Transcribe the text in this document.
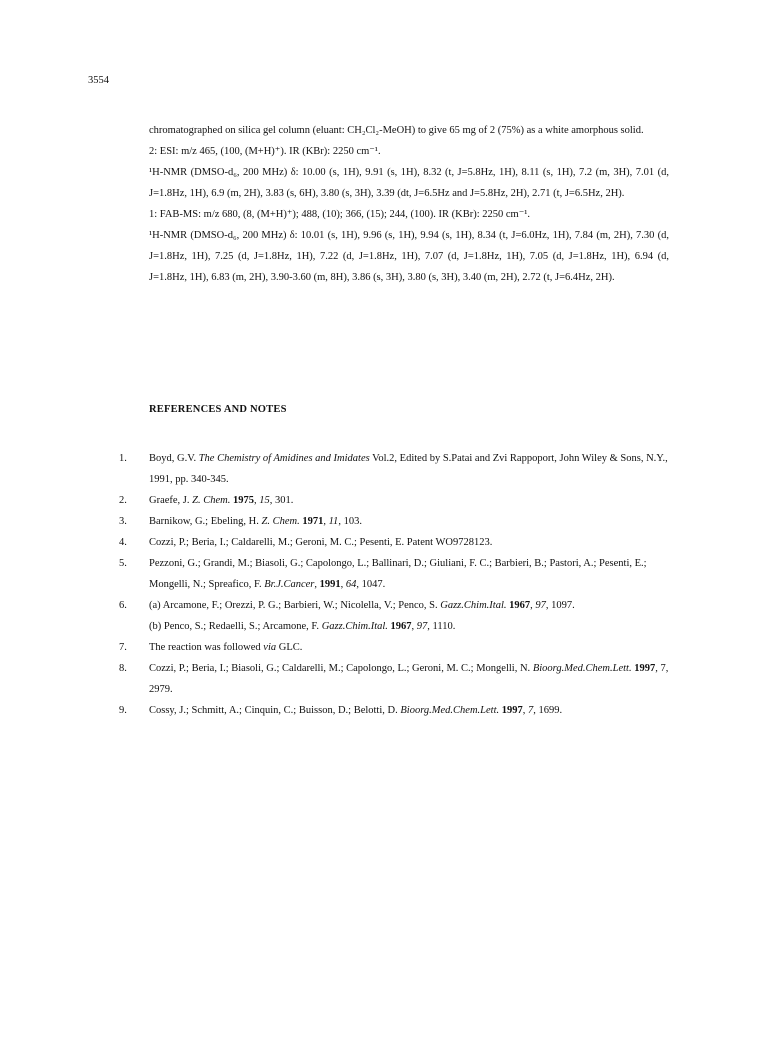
3554

chromatographed on silica gel column (eluant: CH₂Cl₂-MeOH) to give 65 mg of 2 (75%) as a white amorphous solid.

2: ESI: m/z 465, (100, (M+H)⁺). IR (KBr): 2250 cm⁻¹.

¹H-NMR (DMSO-d₆, 200 MHz) δ: 10.00 (s, 1H), 9.91 (s, 1H), 8.32 (t, J=5.8Hz, 1H), 8.11 (s, 1H), 7.2 (m, 3H), 7.01 (d, J=1.8Hz, 1H), 6.9 (m, 2H), 3.83 (s, 6H), 3.80 (s, 3H), 3.39 (dt, J=6.5Hz and J=5.8Hz, 2H), 2.71 (t, J=6.5Hz, 2H).

1: FAB-MS: m/z 680, (8, (M+H)⁺); 488, (10); 366, (15); 244, (100). IR (KBr): 2250 cm⁻¹.

¹H-NMR (DMSO-d₆, 200 MHz) δ: 10.01 (s, 1H), 9.96 (s, 1H), 9.94 (s, 1H), 8.34 (t, J=6.0Hz, 1H), 7.84 (m, 2H), 7.30 (d, J=1.8Hz, 1H), 7.25 (d, J=1.8Hz, 1H), 7.22 (d, J=1.8Hz, 1H), 7.07 (d, J=1.8Hz, 1H), 7.05 (d, J=1.8Hz, 1H), 6.94 (d, J=1.8Hz, 1H), 6.83 (m, 2H), 3.90-3.60 (m, 8H), 3.86 (s, 3H), 3.80 (s, 3H), 3.40 (m, 2H), 2.72 (t, J=6.4Hz, 2H).

REFERENCES AND NOTES
1.	Boyd, G.V. The Chemistry of Amidines and Imidates Vol.2, Edited by S.Patai and Zvi Rappoport, John Wiley & Sons, N.Y., 1991, pp. 340-345.
2.	Graefe, J. Z. Chem. 1975, 15, 301.
3.	Barnikow, G.; Ebeling, H. Z. Chem. 1971, 11, 103.
4.	Cozzi, P.; Beria, I.; Caldarelli, M.; Geroni, M. C.; Pesenti, E. Patent WO9728123.
5.	Pezzoni, G.; Grandi, M.; Biasoli, G.; Capolongo, L.; Ballinari, D.; Giuliani, F. C.; Barbieri, B.; Pastori, A.; Pesenti, E.; Mongelli, N.; Spreafico, F. Br.J.Cancer, 1991, 64, 1047.
6.	(a) Arcamone, F.; Orezzi, P. G.; Barbieri, W.; Nicolella, V.; Penco, S. Gazz.Chim.Ital. 1967, 97, 1097.
(b) Penco, S.; Redaelli, S.; Arcamone, F. Gazz.Chim.Ital. 1967, 97, 1110.
7.	The reaction was followed via GLC.
8.	Cozzi, P.; Beria, I.; Biasoli, G.; Caldarelli, M.; Capolongo, L.; Geroni, M. C.; Mongelli, N. Bioorg.Med.Chem.Lett. 1997, 7, 2979.
9.	Cossy, J.; Schmitt, A.; Cinquin, C.; Buisson, D.; Belotti, D. Bioorg.Med.Chem.Lett. 1997, 7, 1699.
